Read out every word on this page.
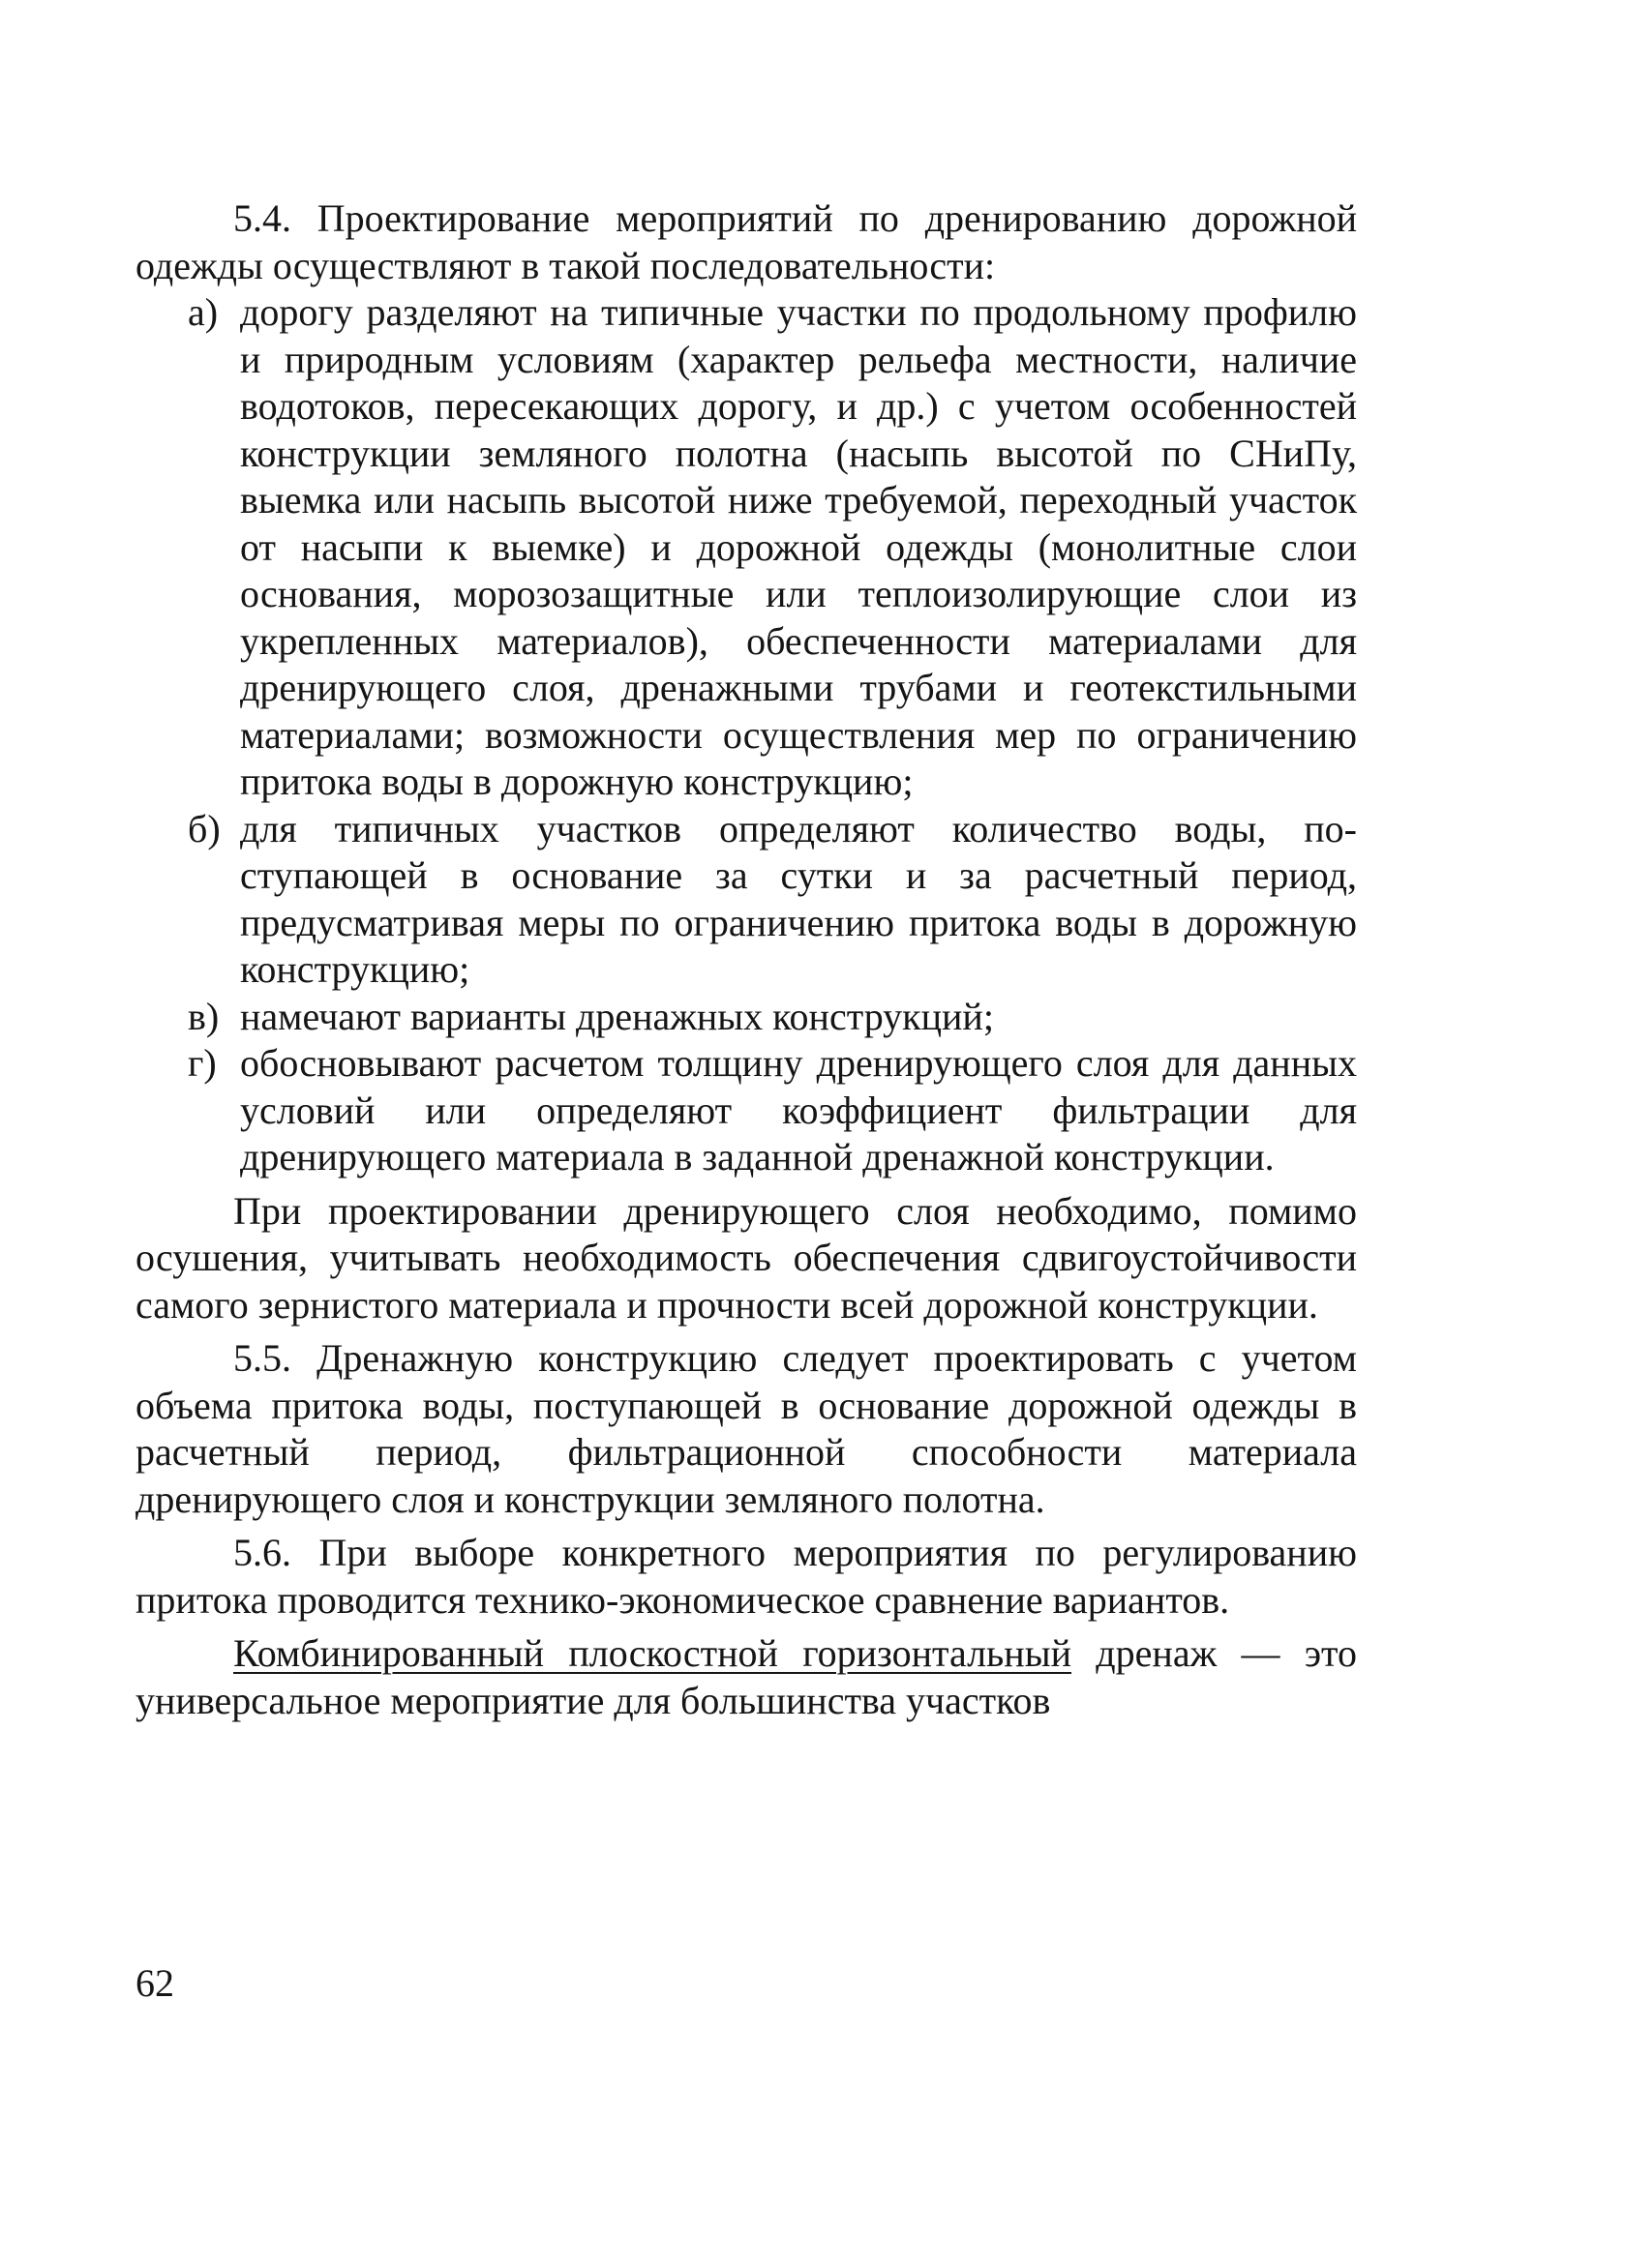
5.4. Проектирование мероприятий по дренированию дорожной одежды осуществляют в такой последовательности:

а) дорогу разделяют на типичные участки по продольному профилю и природным условиям (характер рельефа местности, наличие водотоков, пересекающих дорогу, и др.) с учетом особенностей конструкции земляного полотна (насыпь высотой по СНиПу, выемка или насыпь высотой ниже требуемой, переходный участок от насыпи к выемке) и дорожной одежды (монолитные слои основания, морозозащитные или теплоизолирующие слои из укрепленных материалов), обеспеченности материалами для дренирующего слоя, дренажными трубами и геотекстильными материалами; возможности осуществления мер по ограничению притока воды в дорожную конструкцию;

б) для типичных участков определяют количество воды, поступающей в основание за сутки и за расчетный период, предусматривая меры по ограничению притока воды в дорожную конструкцию;

в) намечают варианты дренажных конструкций;

г) обосновывают расчетом толщину дренирующего слоя для данных условий или определяют коэффициент фильтрации для дренирующего материала в заданной дренажной конструкции.

При проектировании дренирующего слоя необходимо, помимо осушения, учитывать необходимость обеспечения сдвигоустойчивости самого зернистого материала и прочности всей дорожной конструкции.

5.5. Дренажную конструкцию следует проектировать с учетом объема притока воды, поступающей в основание дорожной одежды в расчетный период, фильтрационной способности материала дренирующего слоя и конструкции земляного полотна.

5.6. При выборе конкретного мероприятия по регулированию притока проводится технико-экономическое сравнение вариантов.

Комбинированный плоскостной горизонтальный дренаж — это универсальное мероприятие для большинства участков

62
